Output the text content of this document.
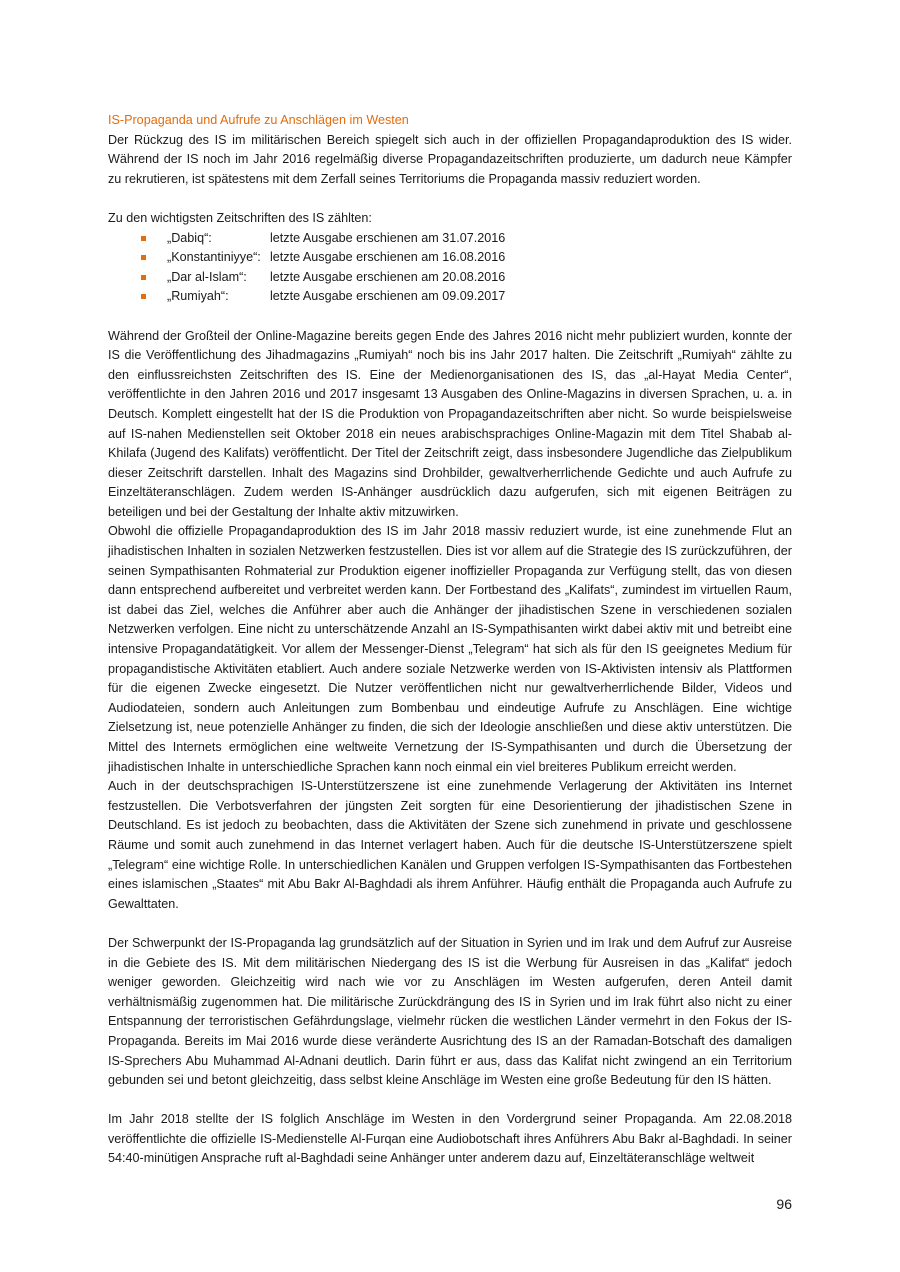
IS-Propaganda und Aufrufe zu Anschlägen im Westen

Der Rückzug des IS im militärischen Bereich spiegelt sich auch in der offiziellen Propagandaproduktion des IS wider. Während der IS noch im Jahr 2016 regelmäßig diverse Propagandazeitschriften produzierte, um dadurch neue Kämpfer zu rekrutieren, ist spätestens mit dem Zerfall seines Territoriums die Propaganda massiv reduziert worden.

Zu den wichtigsten Zeitschriften des IS zählten:

„Dabiq“:	letzte Ausgabe erschienen am 31.07.2016
„Konstantiniyye“: letzte Ausgabe erschienen am 16.08.2016
„Dar al-Islam“: letzte Ausgabe erschienen am 20.08.2016
„Rumiyah“:	letzte Ausgabe erschienen am 09.09.2017

Während der Großteil der Online-Magazine bereits gegen Ende des Jahres 2016 nicht mehr publiziert wurden, konnte der IS die Veröffentlichung des Jihadmagazins „Rumiyah“ noch bis ins Jahr 2017 halten. Die Zeitschrift „Rumiyah“ zählte zu den einflussreichsten Zeitschriften des IS. Eine der Medienorganisationen des IS, das „al-Hayat Media Center“, veröffentlichte in den Jahren 2016 und 2017 insgesamt 13 Ausgaben des Online-Magazins in diversen Sprachen, u. a. in Deutsch. Komplett eingestellt hat der IS die Produktion von Propagandazeitschriften aber nicht. So wurde beispielsweise auf IS-nahen Medienstellen seit Oktober 2018 ein neues arabischsprachiges Online-Magazin mit dem Titel Shabab al-Khilafa (Jugend des Kalifats) veröffentlicht. Der Titel der Zeitschrift zeigt, dass insbesondere Jugendliche das Zielpublikum dieser Zeitschrift darstellen. Inhalt des Magazins sind Drohbilder, gewaltverherrlichende Gedichte und auch Aufrufe zu Einzeltäteranschlägen. Zudem werden IS-Anhänger ausdrücklich dazu aufgerufen, sich mit eigenen Beiträgen zu beteiligen und bei der Gestaltung der Inhalte aktiv mitzuwirken.

Obwohl die offizielle Propagandaproduktion des IS im Jahr 2018 massiv reduziert wurde, ist eine zunehmende Flut an jihadistischen Inhalten in sozialen Netzwerken festzustellen. Dies ist vor allem auf die Strategie des IS zurückzuführen, der seinen Sympathisanten Rohmaterial zur Produktion eigener inoffizieller Propaganda zur Verfügung stellt, das von diesen dann entsprechend aufbereitet und verbreitet werden kann. Der Fortbestand des „Kalifats“, zumindest im virtuellen Raum, ist dabei das Ziel, welches die Anführer aber auch die Anhänger der jihadistischen Szene in verschiedenen sozialen Netzwerken verfolgen. Eine nicht zu unterschätzende Anzahl an IS-Sympathisanten wirkt dabei aktiv mit und betreibt eine intensive Propagandatätigkeit. Vor allem der Messenger-Dienst „Telegram“ hat sich als für den IS geeignetes Medium für propagandistische Aktivitäten etabliert. Auch andere soziale Netzwerke werden von IS-Aktivisten intensiv als Plattformen für die eigenen Zwecke eingesetzt. Die Nutzer veröffentlichen nicht nur gewaltverherrlichende Bilder, Videos und Audiodateien, sondern auch Anleitungen zum Bombenbau und eindeutige Aufrufe zu Anschlägen. Eine wichtige Zielsetzung ist, neue potenzielle Anhänger zu finden, die sich der Ideologie anschließen und diese aktiv unterstützen. Die Mittel des Internets ermöglichen eine weltweite Vernetzung der IS-Sympathisanten und durch die Übersetzung der jihadistischen Inhalte in unterschiedliche Sprachen kann noch einmal ein viel breiteres Publikum erreicht werden.

Auch in der deutschsprachigen IS-Unterstützerszene ist eine zunehmende Verlagerung der Aktivitäten ins Internet festzustellen. Die Verbotsverfahren der jüngsten Zeit sorgten für eine Desorientierung der jihadistischen Szene in Deutschland. Es ist jedoch zu beobachten, dass die Aktivitäten der Szene sich zunehmend in private und geschlossene Räume und somit auch zunehmend in das Internet verlagert haben. Auch für die deutsche IS-Unterstützerszene spielt „Telegram“ eine wichtige Rolle. In unterschiedlichen Kanälen und Gruppen verfolgen IS-Sympathisanten das Fortbestehen eines islamischen „Staates“ mit Abu Bakr Al-Baghdadi als ihrem Anführer. Häufig enthält die Propaganda auch Aufrufe zu Gewalttaten.

Der Schwerpunkt der IS-Propaganda lag grundsätzlich auf der Situation in Syrien und im Irak und dem Aufruf zur Ausreise in die Gebiete des IS. Mit dem militärischen Niedergang des IS ist die Werbung für Ausreisen in das „Kalifat“ jedoch weniger geworden. Gleichzeitig wird nach wie vor zu Anschlägen im Westen aufgerufen, deren Anteil damit verhältnismäßig zugenommen hat. Die militärische Zurückdrängung des IS in Syrien und im Irak führt also nicht zu einer Entspannung der terroristischen Gefährdungslage, vielmehr rücken die westlichen Länder vermehrt in den Fokus der IS-Propaganda. Bereits im Mai 2016 wurde diese veränderte Ausrichtung des IS an der Ramadan-Botschaft des damaligen IS-Sprechers Abu Muhammad Al-Adnani deutlich. Darin führt er aus, dass das Kalifat nicht zwingend an ein Territorium gebunden sei und betont gleichzeitig, dass selbst kleine Anschläge im Westen eine große Bedeutung für den IS hätten.

Im Jahr 2018 stellte der IS folglich Anschläge im Westen in den Vordergrund seiner Propaganda. Am 22.08.2018 veröffentlichte die offizielle IS-Medienstelle Al-Furqan eine Audiobotschaft ihres Anführers Abu Bakr al-Baghdadi. In seiner 54:40-minütigen Ansprache ruft al-Baghdadi seine Anhänger unter anderem dazu auf, Einzeltäteranschläge weltweit

96
